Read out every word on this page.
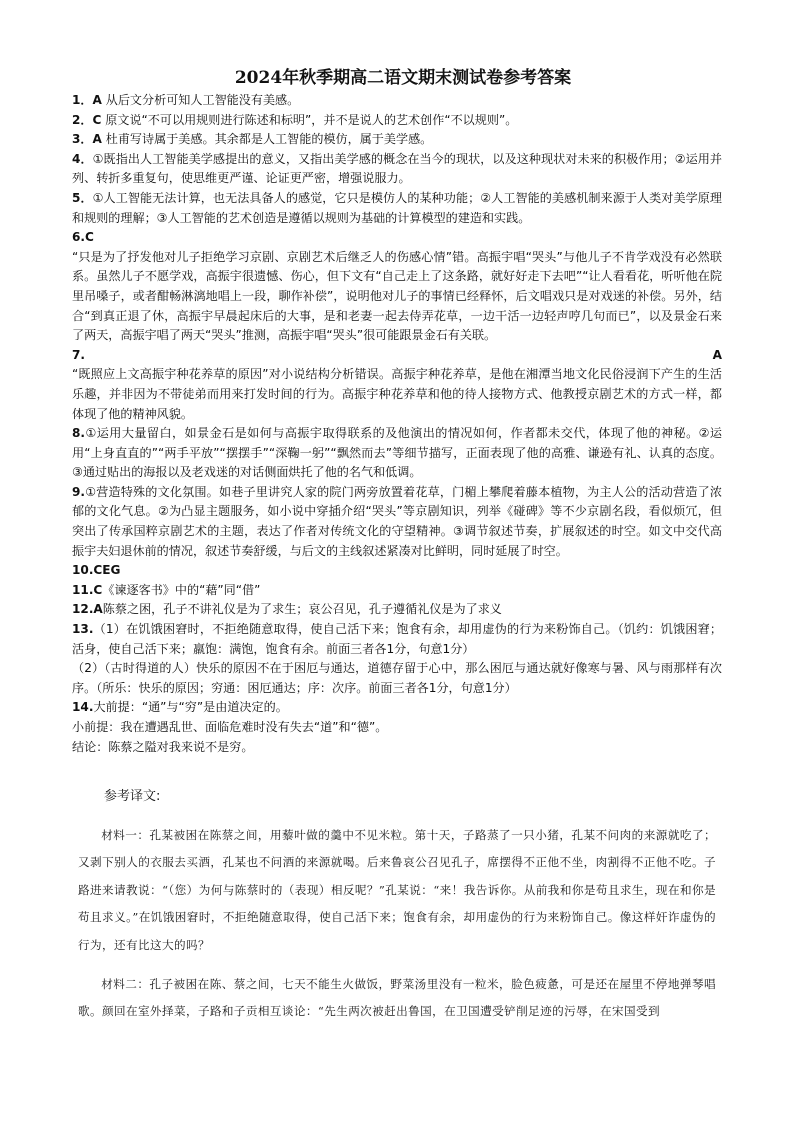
2024年秋季期高二语文期末测试卷参考答案

1．A 从后文分析可知人工智能没有美感。

2．C 原文说“不可以用规则进行陈述和标明”，并不是说人的艺术创作“不以规则”。

3．A 杜甫写诗属于美感。其余都是人工智能的模仿，属于美学感。

4．①既指出人工智能美学感提出的意义，又指出美学感的概念在当今的现状，以及这种现状对未来的积极作用；②运用并列、转折多重复句，使思维更严谨、论证更严密，增强说服力。

5．①人工智能无法计算，也无法具备人的感觉，它只是模仿人的某种功能；②人工智能的美感机制来源于人类对美学原理和规则的理解；③人工智能的艺术创造是遵循以规则为基础的计算模型的建造和实践。

6.C

“只是为了抒发他对儿子拒绝学习京剧、京剧艺术后继乏人的伤感心情”错。高振宇唱“哭头”与他儿子不肯学戏没有必然联系。虽然儿子不愿学戏，高振宇很遗憾、伤心，但下文有“自己走上了这条路，就好好走下去吧”“让人看看花，听听他在院里吊嗓子，或者酣畅淋漓地唱上一段，聊作补偿”，说明他对儿子的事情已经释怀，后文唱戏只是对戏迷的补偿。另外，结合“到真正退了休，高振宇早晨起床后的大事，是和老妻一起去侍弄花草，一边干活一边轻声哼几句而已”，以及景金石来了两天，高振宇唱了两天“哭头”推测，高振宇唱“哭头”很可能跟景金石有关联。

7.	A

“既照应上文高振宇种花养草的原因”对小说结构分析错误。高振宇种花养草，是他在湘潭当地文化民俗浸润下产生的生活乐趣，并非因为不带徒弟而用来打发时间的行为。高振宇种花养草和他的待人接物方式、他教授京剧艺术的方式一样，都体现了他的精神风貌。

8.①运用大量留白，如景金石是如何与高振宇取得联系的及他演出的情况如何，作者都未交代，体现了他的神秘。②运用“上身直直的”“两手平放”“摆摆手”“深鞠一躬”“飘然而去”等细节描写，正面表现了他的高雅、谦逊有礼、认真的态度。③通过贴出的海报以及老戏迷的对话侧面烘托了他的名气和低调。

9.①营造特殊的文化氛围。如巷子里讲究人家的院门两旁放置着花草，门楣上攀爬着藤本植物，为主人公的活动营造了浓郁的文化气息。②为凸显主题服务，如小说中穿插介绍“哭头”等京剧知识，列举《碰碑》等不少京剧名段，看似烦冗，但突出了传承国粹京剧艺术的主题，表达了作者对传统文化的守望精神。③调节叙述节奏，扩展叙述的时空。如文中交代高振宇夫妇退休前的情况，叙述节奏舒缓，与后文的主线叙述紧凑对比鲜明，同时延展了时空。

10.CEG

11.C《谏逐客书》中的“藉”同“借”

12.A陈蔡之困，孔子不讲礼仪是为了求生；哀公召见，孔子遵循礼仪是为了求义

13.（1）在饥饿困窘时，不拒绝随意取得，使自己活下来；饱食有余，却用虚伪的行为来粉饰自己。（饥约：饥饿困窘；活身，使自己活下来；羸饱：满饱，饱食有余。前面三者各1分，句意1分）

（2）（古时得道的人）快乐的原因不在于困厄与通达，道德存留于心中，那么困厄与通达就好像寒与暑、风与雨那样有次序。（所乐：快乐的原因；穷通：困厄通达；序：次序。前面三者各1分，句意1分）

14.大前提：“通”与“穷”是由道决定的。

小前提：我在遭遇乱世、面临危难时没有失去“道”和“德”。

结论：陈蔡之隘对我来说不是穷。

参考译文:

材料一：孔某被困在陈蔡之间，用藜叶做的羹中不见米粒。第十天，子路蒸了一只小猪，孔某不问肉的来源就吃了；又剥下别人的衣服去买酒，孔某也不问酒的来源就喝。后来鲁哀公召见孔子，席摆得不正他不坐，肉割得不正他不吃。子路进来请教说：“（您）为何与陈蔡时的（表现）相反呢？”孔某说：“来！我告诉你。从前我和你是苟且求生，现在和你是苟且求义。”在饥饿困窘时，不拒绝随意取得，使自己活下来；饱食有余，却用虚伪的行为来粉饰自己。像这样奸诈虚伪的行为，还有比这大的吗？

材料二：孔子被困在陈、蔡之间，七天不能生火做饭，野菜汤里没有一粒米，脸色疲惫，可是还在屋里不停地弹琴唱歌。颜回在室外择菜，子路和子贡相互谈论：“先生两次被赶出鲁国，在卫国遭受铲削足迹的污辱，在宋国受到
